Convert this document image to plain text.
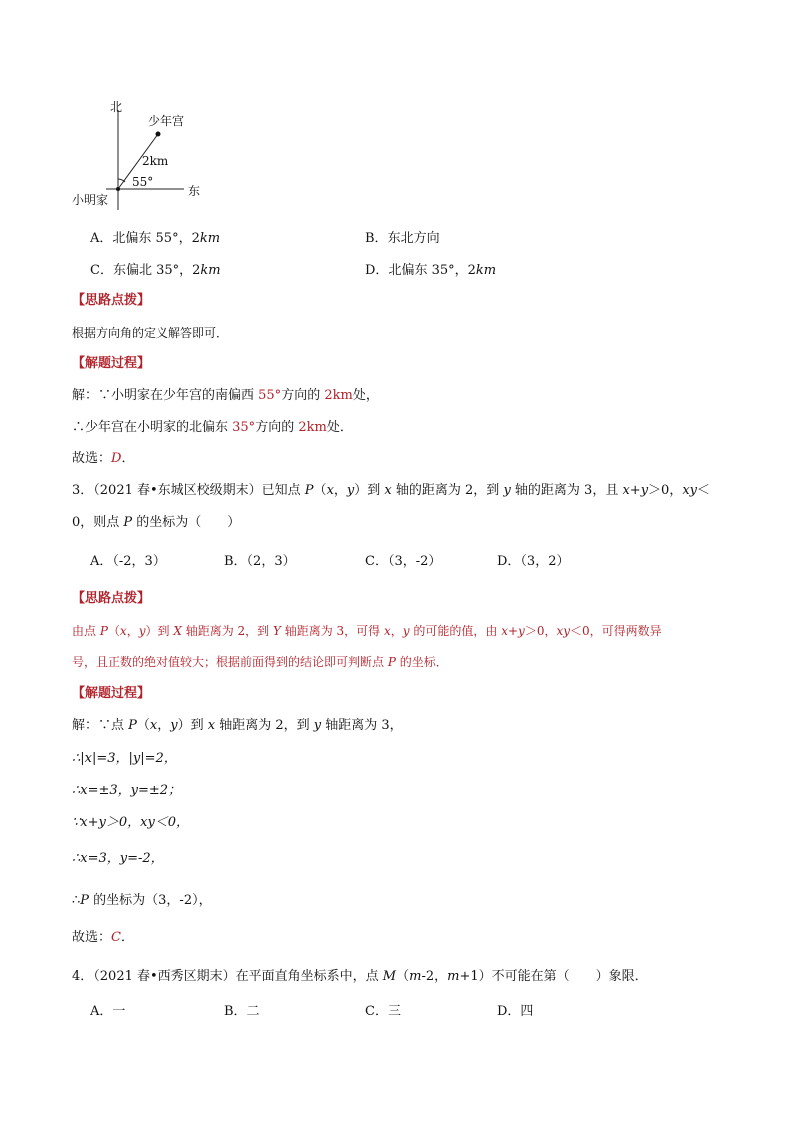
北
少年宫
2km
55°
东
小明家
A．北偏东 55°，2km	B．东北方向
C．东偏北 35°，2km	D．北偏东 35°，2km
【思路点拨】
根据方向角的定义解答即可．
【解题过程】
解：∵小明家在少年宫的南偏西 55°方向的 2km处，
∴少年宫在小明家的北偏东 35°方向的 2km处．
故选：D．
3．（2021 春•东城区校级期末）已知点 P（x，y）到 x 轴的距离为 2，到 y 轴的距离为 3，且 x+y＞0，xy＜
0，则点 P 的坐标为（　　）
A．（-2，3）	B．（2，3）	C．（3，-2）	D．（3，2）
【思路点拨】
由点 P（x，y）到 X 轴距离为 2，到 Y 轴距离为 3，可得 x，y 的可能的值，由 x+y＞0，xy＜0，可得两数异
号，且正数的绝对值较大；根据前面得到的结论即可判断点 P 的坐标．
【解题过程】
解：∵点 P（x，y）到 x 轴距离为 2，到 y 轴距离为 3，
∴|x|=3，|y|=2，
∴x=±3，y=±2；
∵x+y＞0，xy＜0，
∴x=3，y=-2，
∴P 的坐标为（3，-2），
故选：C．
4．（2021 春•西秀区期末）在平面直角坐标系中，点 M（m-2，m+1）不可能在第（　　）象限．
A．一	B．二	C．三	D．四
